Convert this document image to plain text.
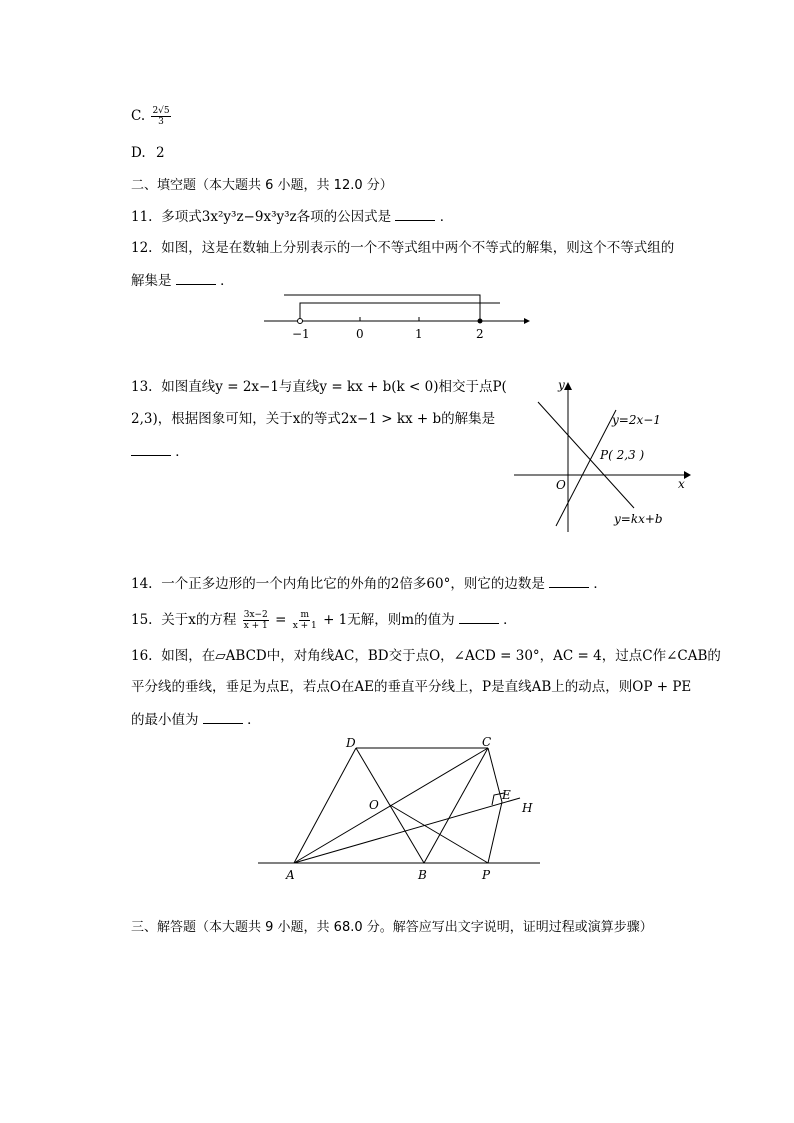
C. $\frac{2√5}{3}$
D. 2
二、填空题（本大题共 6 小题，共 12.0 分）
11. 多项式3x²y³z−9x³y³z各项的公因式是	．
12. 如图，这是在数轴上分别表示的一个不等式组中两个不等式的解集，则这个不等式组的
解集是	．
−1	0	1	2
13. 如图直线y = 2x−1与直线y = kx + b(k < 0)相交于点P(
2,3)，根据图象可知，关于x的等式2x−1 > kx + b的解集是
．
y
x
O
y=2x−1
P( 2,3 )
y=kx+b
14. 一个正多边形的一个内角比它的外角的2倍多60°，则它的边数是	．
15. 关于x的方程 $\frac{3x-2}{x + 1} = \frac{m}{x + 1} + 1$无解，则m的值为	．
16. 如图，在▱ABCD中，对角线AC，BD交于点O，∠ACD = 30°，AC = 4，过点C作∠CAB的
平分线的垂线，垂足为点E，若点O在AE的垂直平分线上，P是直线AB上的动点，则OP + PE
的最小值为	．
D	C
O
E
H
A	B	P
三、解答题（本大题共 9 小题，共 68.0 分。解答应写出文字说明，证明过程或演算步骤）
